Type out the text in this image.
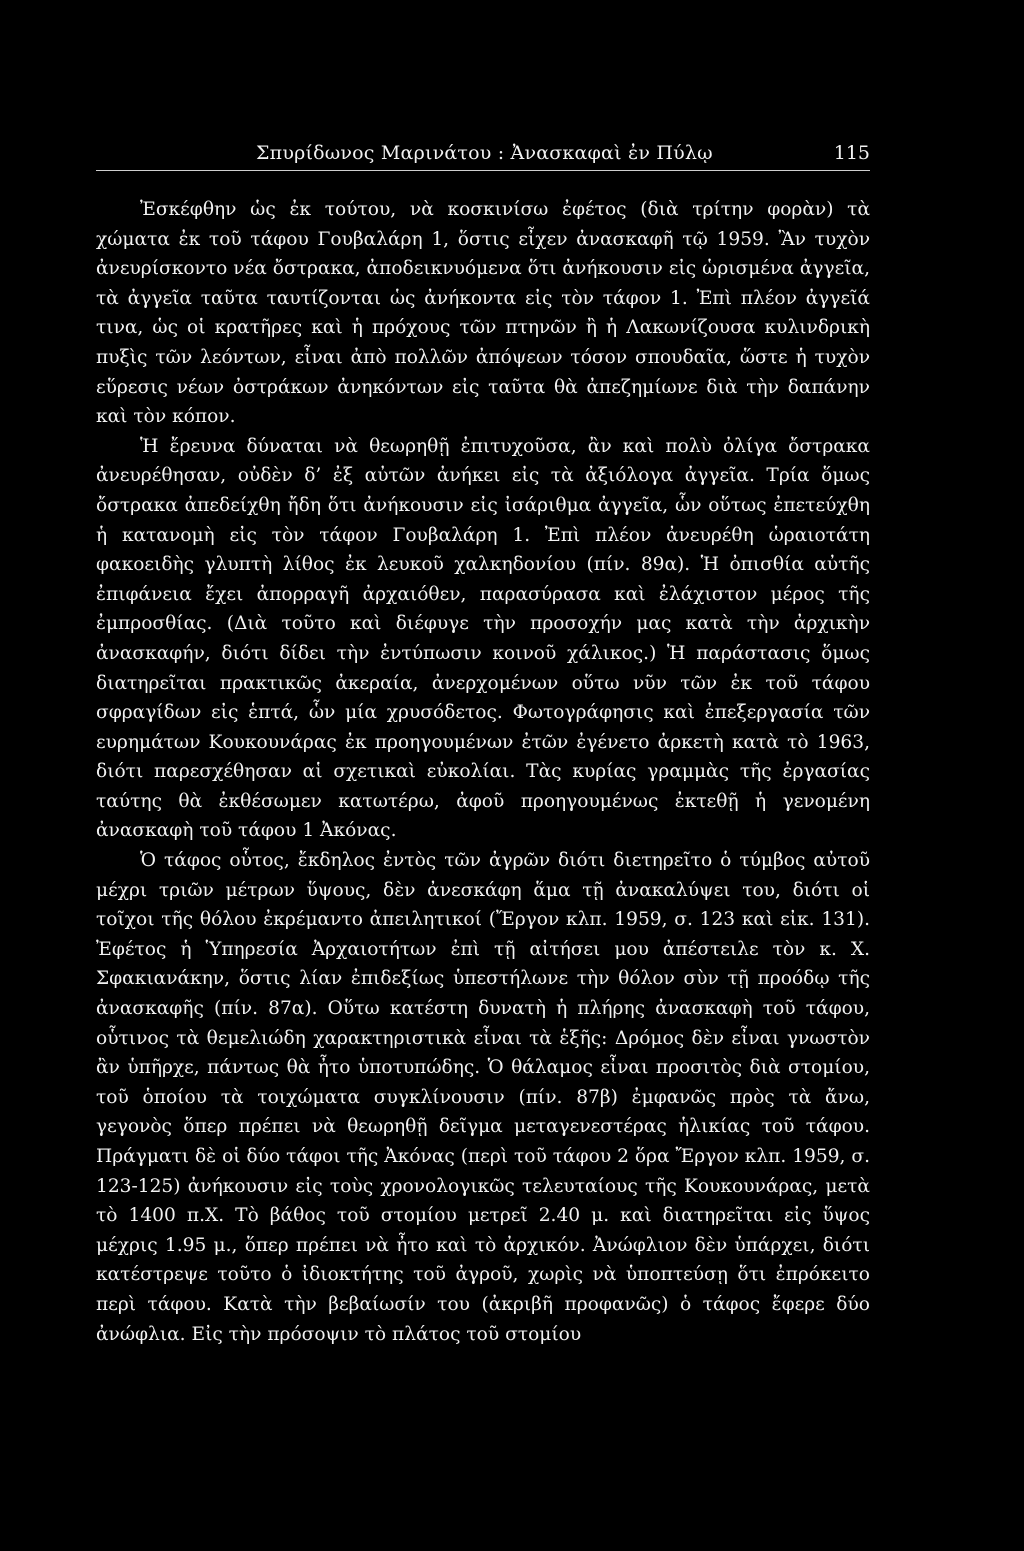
Σπυρίδωνος Μαρινάτου : Ἀνασκαφαὶ ἐν Πύλῳ	115

Ἐσκέφθην ὡς ἐκ τούτου, νὰ κοσκινίσω ἐφέτος (διὰ τρίτην φορὰν) τὰ χώματα ἐκ τοῦ τάφου Γουβαλάρη 1, ὅστις εἶχεν ἀνασκαφῆ τῷ 1959. Ἂν τυχὸν ἀνευρίσκοντο νέα ὄστρακα, ἀποδεικνυόμενα ὅτι ἀνήκουσιν εἰς ὡρισμένα ἀγγεῖα, τὰ ἀγγεῖα ταῦτα ταυτίζονται ὡς ἀνήκοντα εἰς τὸν τάφον 1. Ἐπὶ πλέον ἀγγεῖά τινα, ὡς οἱ κρατῆρες καὶ ἡ πρόχους τῶν πτηνῶν ἢ ἡ Λακωνίζουσα κυλινδρικὴ πυξὶς τῶν λεόντων, εἶναι ἀπὸ πολλῶν ἀπόψεων τόσον σπουδαῖα, ὥστε ἡ τυχὸν εὕρεσις νέων ὀστράκων ἀνηκόντων εἰς ταῦτα θὰ ἀπεζημίωνε διὰ τὴν δαπάνην καὶ τὸν κόπον.

Ἡ ἔρευνα δύναται νὰ θεωρηθῇ ἐπιτυχοῦσα, ἂν καὶ πολὺ ὀλίγα ὄστρακα ἀνευρέθησαν, οὐδὲν δ’ ἐξ αὐτῶν ἀνήκει εἰς τὰ ἀξιόλογα ἀγγεῖα. Τρία ὅμως ὄστρακα ἀπεδείχθη ἤδη ὅτι ἀνήκουσιν εἰς ἰσάριθμα ἀγγεῖα, ὧν οὕτως ἐπετεύχθη ἡ κατανομὴ εἰς τὸν τάφον Γουβαλάρη 1. Ἐπὶ πλέον ἀνευρέθη ὡραιοτάτη φακοειδὴς γλυπτὴ λίθος ἐκ λευκοῦ χαλκηδονίου (πίν. 89α). Ἡ ὀπισθία αὐτῆς ἐπιφάνεια ἔχει ἀπορραγῆ ἀρχαιόθεν, παρασύρασα καὶ ἐλάχιστον μέρος τῆς ἐμπροσθίας. (Διὰ τοῦτο καὶ διέφυγε τὴν προσοχήν μας κατὰ τὴν ἀρχικὴν ἀνασκαφήν, διότι δίδει τὴν ἐντύπωσιν κοινοῦ χάλικος.) Ἡ παράστασις ὅμως διατηρεῖται πρακτικῶς ἀκεραία, ἀνερχομένων οὕτω νῦν τῶν ἐκ τοῦ τάφου σφραγίδων εἰς ἑπτά, ὧν μία χρυσόδετος. Φωτογράφησις καὶ ἐπεξεργασία τῶν ευρημάτων Κουκουνάρας ἐκ προηγουμένων ἐτῶν ἐγένετο ἀρκετὴ κατὰ τὸ 1963, διότι παρεσχέθησαν αἱ σχετικαὶ εὐκολίαι. Τὰς κυρίας γραμμὰς τῆς ἐργασίας ταύτης θὰ ἐκθέσωμεν κατωτέρω, ἀφοῦ προηγουμένως ἐκτεθῇ ἡ γενομένη ἀνασκαφὴ τοῦ τάφου 1 Ἀκόνας.

Ὁ τάφος οὗτος, ἔκδηλος ἐντὸς τῶν ἀγρῶν διότι διετηρεῖτο ὁ τύμβος αὐτοῦ μέχρι τριῶν μέτρων ὕψους, δὲν ἀνεσκάφη ἅμα τῇ ἀνακαλύψει του, διότι οἱ τοῖχοι τῆς θόλου ἐκρέμαντο ἀπειλητικοί (Ἔργον κλπ. 1959, σ. 123 καὶ εἰκ. 131). Ἐφέτος ἡ Ὑπηρεσία Ἀρχαιοτήτων ἐπὶ τῇ αἰτήσει μου ἀπέστειλε τὸν κ. Χ. Σφακιανάκην, ὅστις λίαν ἐπιδεξίως ὑπεστήλωνε τὴν θόλον σὺν τῇ προόδῳ τῆς ἀνασκαφῆς (πίν. 87α). Οὕτω κατέστη δυνατὴ ἡ πλήρης ἀνασκαφὴ τοῦ τάφου, οὗτινος τὰ θεμελιώδη χαρακτηριστικὰ εἶναι τὰ ἑξῆς: Δρόμος δὲν εἶναι γνωστὸν ἂν ὑπῆρχε, πάντως θὰ ἦτο ὑποτυπώδης. Ὁ θάλαμος εἶναι προσιτὸς διὰ στομίου, τοῦ ὁποίου τὰ τοιχώματα συγκλίνουσιν (πίν. 87β) ἐμφανῶς πρὸς τὰ ἄνω, γεγονὸς ὅπερ πρέπει νὰ θεωρηθῇ δεῖγμα μεταγενεστέρας ἡλικίας τοῦ τάφου. Πράγματι δὲ οἱ δύο τάφοι τῆς Ἀκόνας (περὶ τοῦ τάφου 2 ὅρα Ἔργον κλπ. 1959, σ. 123-125) ἀνήκουσιν εἰς τοὺς χρονολογικῶς τελευταίους τῆς Κουκουνάρας, μετὰ τὸ 1400 π.Χ. Τὸ βάθος τοῦ στομίου μετρεῖ 2.40 μ. καὶ διατηρεῖται εἰς ὕψος μέχρις 1.95 μ., ὅπερ πρέπει νὰ ἦτο καὶ τὸ ἀρχικόν. Ἀνώφλιον δὲν ὑπάρχει, διότι κατέστρεψε τοῦτο ὁ ἰδιοκτήτης τοῦ ἀγροῦ, χωρὶς νὰ ὑποπτεύσῃ ὅτι ἐπρόκειτο περὶ τάφου. Κατὰ τὴν βεβαίωσίν του (ἀκριβῆ προφανῶς) ὁ τάφος ἔφερε δύο ἀνώφλια. Εἰς τὴν πρόσοψιν τὸ πλάτος τοῦ στομίου
